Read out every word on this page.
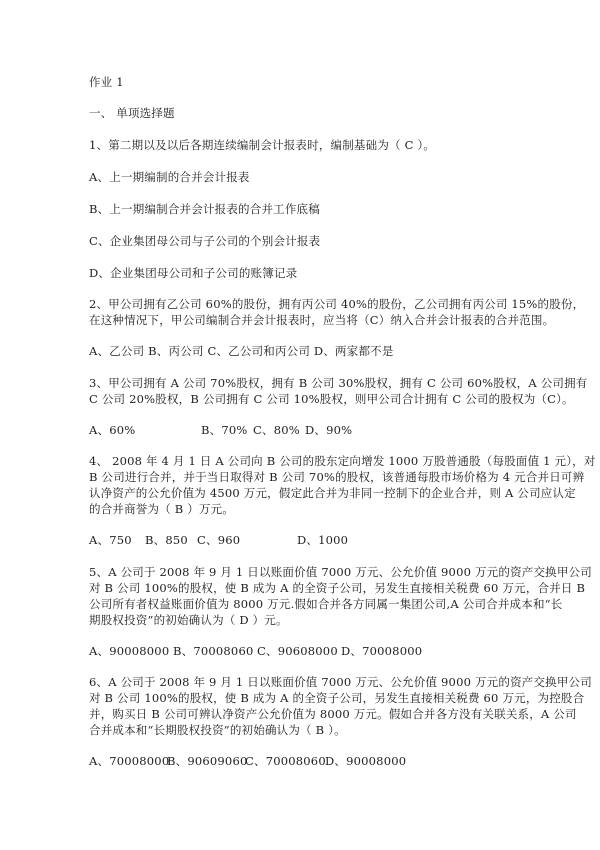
作业 1
一、 单项选择题
1、第二期以及以后各期连续编制会计报表时，编制基础为（ C ）。
A、上一期编制的合并会计报表
B、上一期编制合并会计报表的合并工作底稿
C、企业集团母公司与子公司的个别会计报表
D、企业集团母公司和子公司的账簿记录
2、甲公司拥有乙公司 60%的股份，拥有丙公司 40%的股份，乙公司拥有丙公司 15%的股份，
在这种情况下，甲公司编制合并会计报表时，应当将（C）纳入合并会计报表的合并范围。
A、乙公司 B、丙公司 C、乙公司和丙公司 D、两家都不是
3、甲公司拥有 A 公司 70%股权，拥有 B 公司 30%股权，拥有 C 公司 60%股权，A 公司拥有
C 公司 20%股权，B 公司拥有 C 公司 10%股权，则甲公司合计拥有 C 公司的股权为（C）。
A、60%	B、70% C、80% D、90%
4、 2008 年 4 月 1 日 A 公司向 B 公司的股东定向增发 1000 万股普通股（每股面值 1 元），对
B 公司进行合并，并于当日取得对 B 公司 70%的股权，该普通每股市场价格为 4 元合并日可辨
认净资产的公允价值为 4500 万元，假定此合并为非同一控制下的企业合并，则 A 公司应认定
的合并商誉为（ B ）万元。
A、750 B、850 C、960	D、1000
5、A 公司于 2008 年 9 月 1 日以账面价值 7000 万元、公允价值 9000 万元的资产交换甲公司
对 B 公司 100%的股权，使 B 成为 A 的全资子公司，另发生直接相关税费 60 万元，合并日 B
公司所有者权益账面价值为 8000 万元.假如合并各方同属一集团公司,A 公司合并成本和“长
期股权投资”的初始确认为（ D ）元。
A、90008000 B、70008060 C、90608000 D、70008000
6、A 公司于 2008 年 9 月 1 日以账面价值 7000 万元、公允价值 9000 万元的资产交换甲公司
对 B 公司 100%的股权，使 B 成为 A 的全资子公司，另发生直接相关税费 60 万元，为控股合
并，购买日 B 公司可辨认净资产公允价值为 8000 万元。假如合并各方没有关联关系，A 公司
合并成本和“长期股权投资”的初始确认为（ B ）。
A、70008000B、90609060C、70008060D、90008000
